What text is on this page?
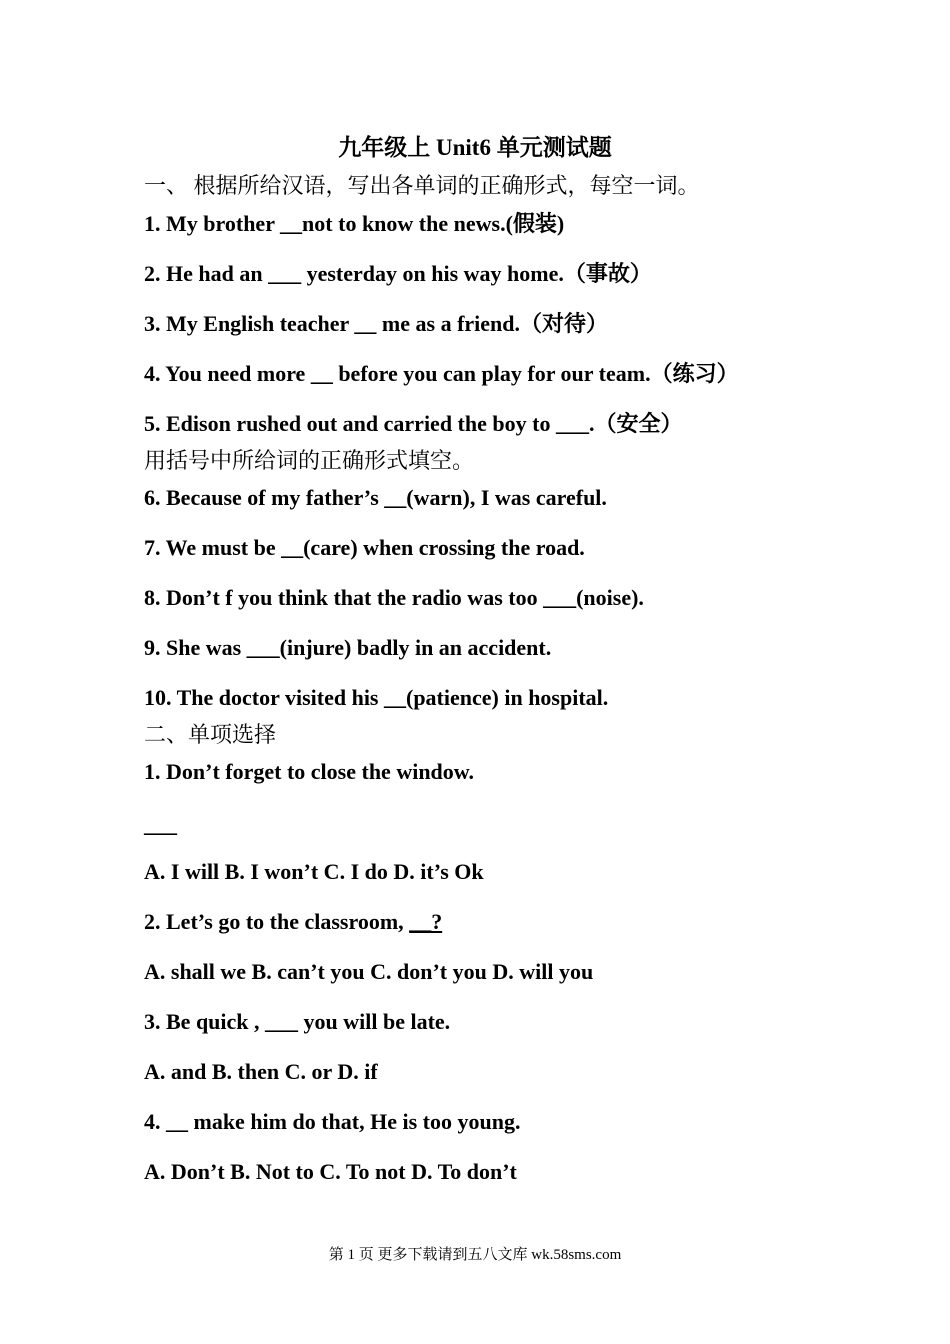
九年级上 Unit6 单元测试题
一、 根据所给汉语，写出各单词的正确形式，每空一词。
1. My brother __not to know the news.(假装)
2. He had an ___ yesterday on his way home.（事故）
3. My English teacher __ me as a friend.（对待）
4. You need more __ before you can play for our team.（练习）
5. Edison rushed out and carried the boy to ___.（安全）
用括号中所给词的正确形式填空。
6. Because of my father’s __(warn), I was careful.
7. We must be __(care) when crossing the road.
8. Don’t f you think that the radio was too ___(noise).
9. She was ___(injure) badly in an accident.
10. The doctor visited his __(patience) in hospital.
二、单项选择
1. Don’t forget to close the window.
___
A. I will B. I won’t C. I do D. it’s Ok
2. Let’s go to the classroom, __?
A. shall we B. can’t you C. don’t you D. will you
3. Be quick , ___ you will be late.
A. and B. then C. or D. if
4. __ make him do that, He is too young.
A. Don’t B. Not to C. To not D. To don’t
第 1 页 更多下载请到五八文库 wk.58sms.com
